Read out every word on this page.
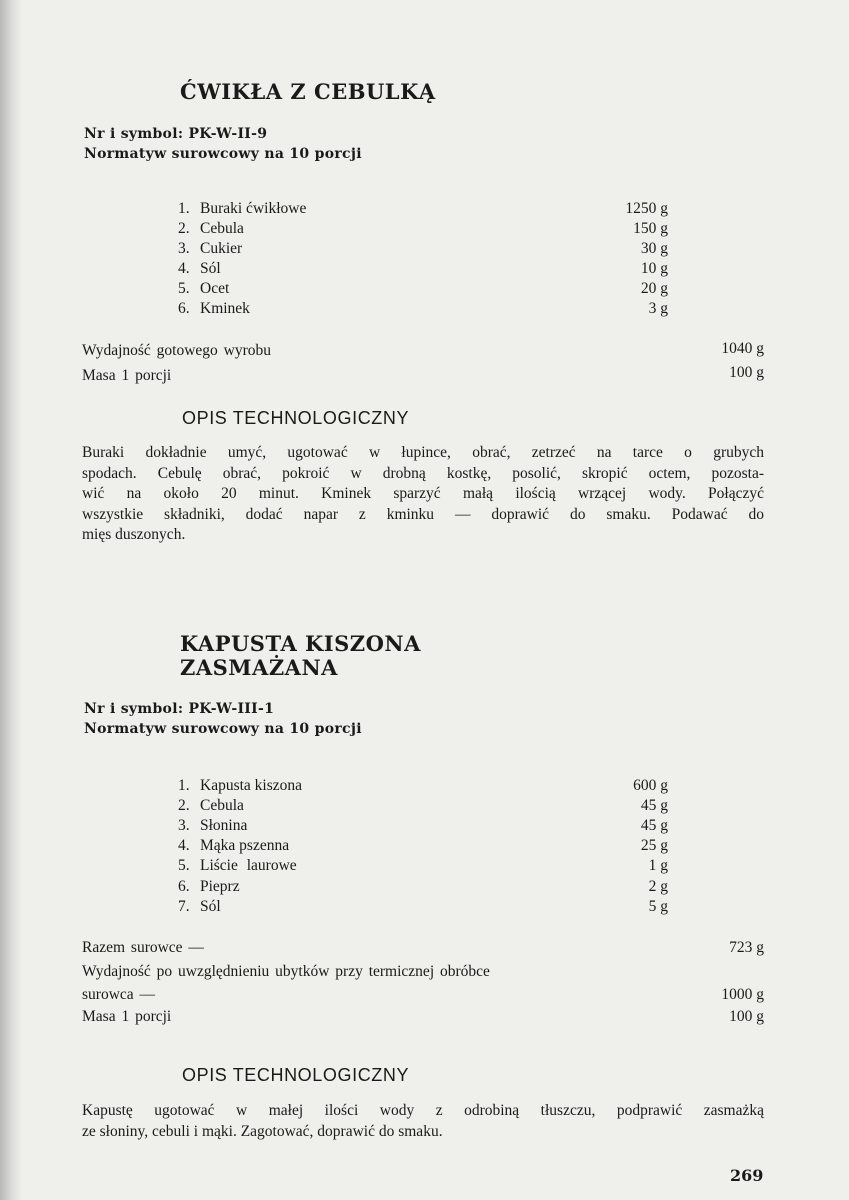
ĆWIKŁA Z CEBULKĄ
Nr i symbol: PK-W-II-9
Normatyw surowcowy na 10 porcji
1. Buraki ćwikłowe	1250 g
2. Cebula	150 g
3. Cukier	30 g
4. Sól	10 g
5. Ocet	20 g
6. Kminek	3 g
Wydajność gotowego wyrobu	1040 g
Masa 1 porcji	100 g
OPIS TECHNOLOGICZNY
Buraki dokładnie umyć, ugotować w łupince, obrać, zetrzeć na tarce o grubych
spodach. Cebulę obrać, pokroić w drobną kostkę, posolić, skropić octem, pozosta-
wić na około 20 minut. Kminek sparzyć małą ilością wrzącej wody. Połączyć
wszystkie składniki, dodać napar z kminku — doprawić do smaku. Podawać do
mięs duszonych.
KAPUSTA KISZONA
ZASMAŻANA
Nr i symbol: PK-W-III-1
Normatyw surowcowy na 10 porcji
1. Kapusta kiszona	600 g
2. Cebula	45 g
3. Słonina	45 g
4. Mąka pszenna	25 g
5. Liście laurowe	1 g
6. Pieprz	2 g
7. Sól	5 g
Razem surowce —	723 g
Wydajność po uwzględnieniu ubytków przy termicznej obróbce
surowca —	1000 g
Masa 1 porcji	100 g
OPIS TECHNOLOGICZNY
Kapustę ugotować w małej ilości wody z odrobiną tłuszczu, podprawić zasmażką
ze słoniny, cebuli i mąki. Zagotować, doprawić do smaku.
269
